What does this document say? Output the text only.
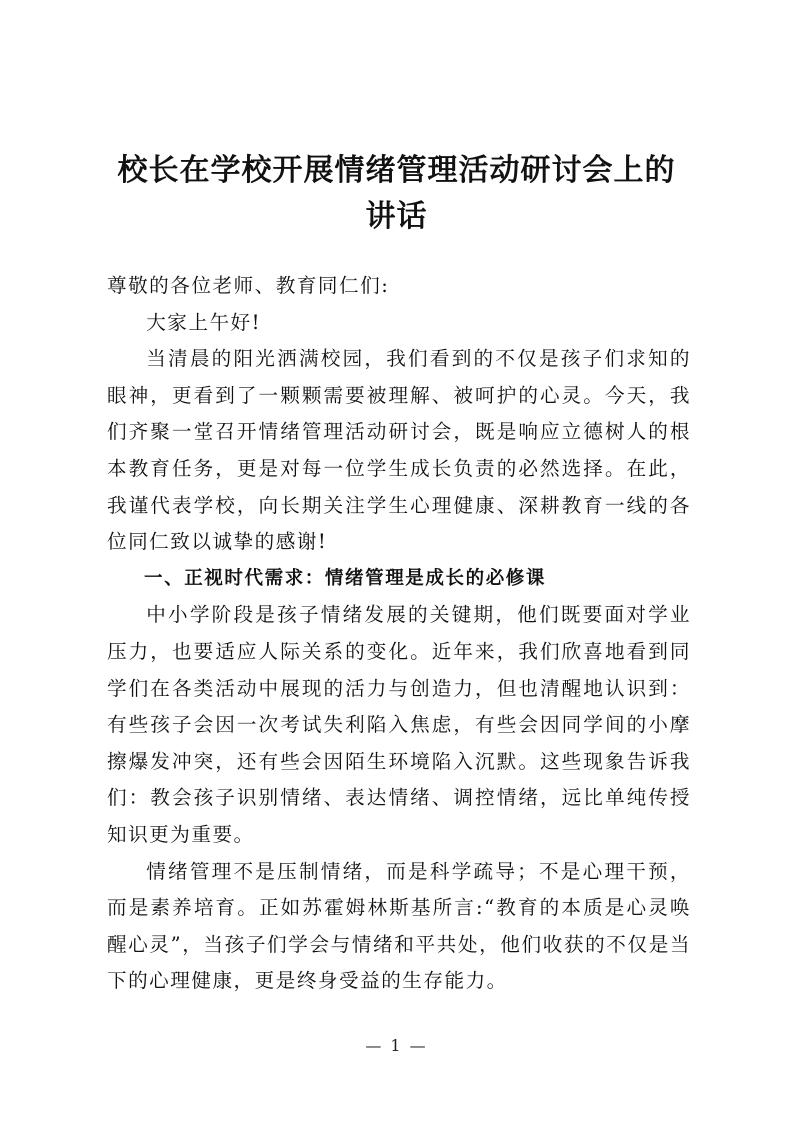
校长在学校开展情绪管理活动研讨会上的
讲话

尊敬的各位老师、教育同仁们:

大家上午好!

当清晨的阳光洒满校园，我们看到的不仅是孩子们求知的眼神，更看到了一颗颗需要被理解、被呵护的心灵。今天，我们齐聚一堂召开情绪管理活动研讨会，既是响应立德树人的根本教育任务，更是对每一位学生成长负责的必然选择。在此，我谨代表学校，向长期关注学生心理健康、深耕教育一线的各位同仁致以诚挚的感谢!

一、正视时代需求：情绪管理是成长的必修课

中小学阶段是孩子情绪发展的关键期，他们既要面对学业压力，也要适应人际关系的变化。近年来，我们欣喜地看到同学们在各类活动中展现的活力与创造力，但也清醒地认识到：有些孩子会因一次考试失利陷入焦虑，有些会因同学间的小摩擦爆发冲突，还有些会因陌生环境陷入沉默。这些现象告诉我们：教会孩子识别情绪、表达情绪、调控情绪，远比单纯传授知识更为重要。

情绪管理不是压制情绪，而是科学疏导；不是心理干预，而是素养培育。正如苏霍姆林斯基所言:“教育的本质是心灵唤醒心灵”，当孩子们学会与情绪和平共处，他们收获的不仅是当下的心理健康，更是终身受益的生存能力。

— 1 —
